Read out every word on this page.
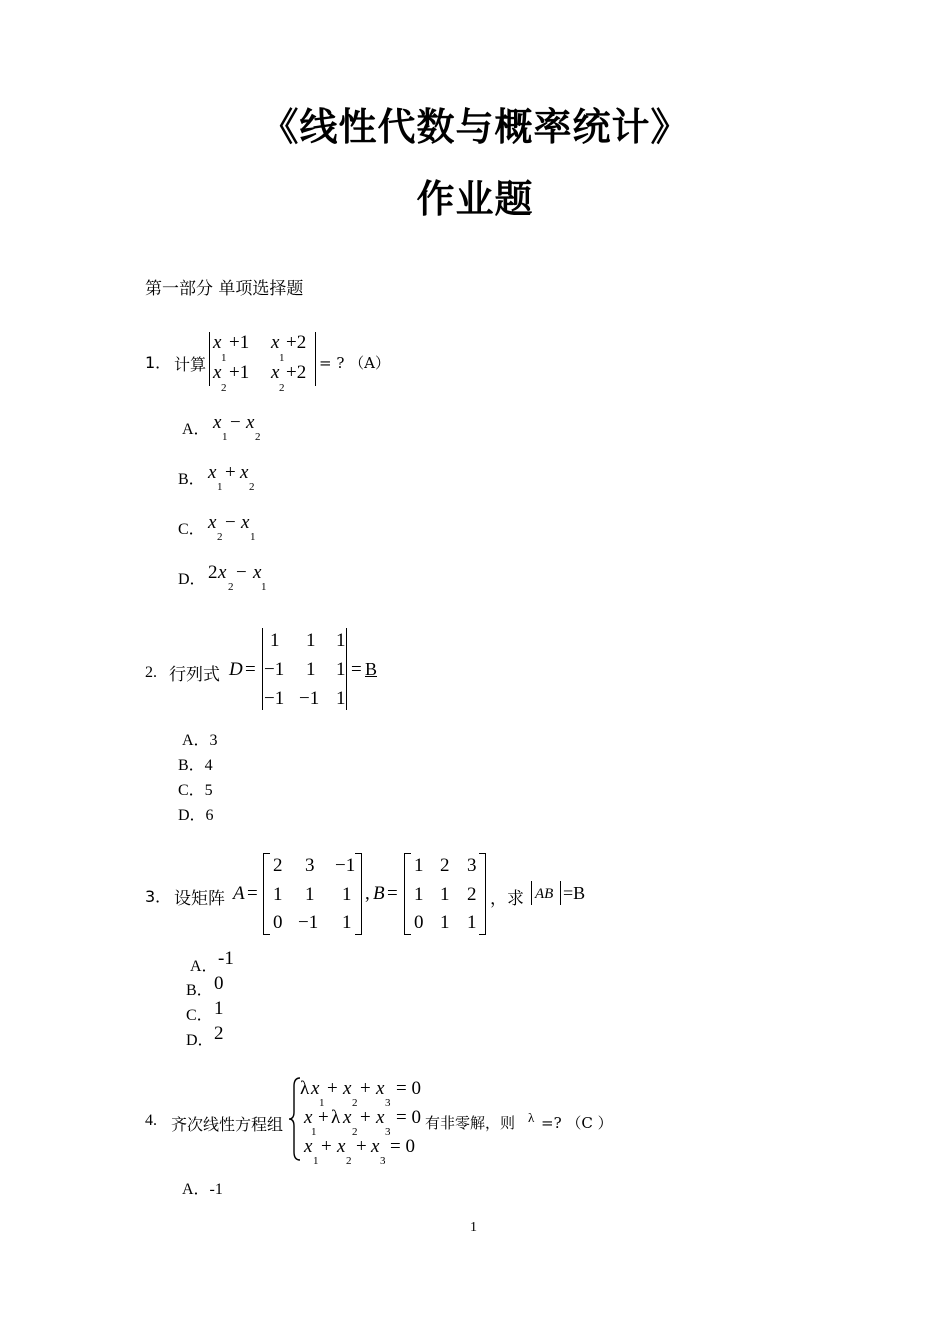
《线性代数与概率统计》
作业题
第一部分 单项选择题
1． 计算
x +1
1
x +2
1
x +1
2
x +2
2
= ? （A）
A． x
1
− x
2
B． x
1
+ x
2
C． x
2
− x
1
D． 2 x
2
− x
1
2. 行列式 D =
1 1 1
−1 1 1
−1 −1 1
= B
A．3
B．4
C．5
D．6
3． 设矩阵 A =
2 3 −1
1 1 1
0 −1 1
, B =
1 2 3
1 1 2
0 1 1
，求 AB =B
A． -1
B． 0
C． 1
D． 2
4. 齐次线性方程组
λ x
1
+ x
2
+ x
3
= 0
x
1
+ λ x
2
+ x
3
= 0
x
1
+ x
2
+ x
3
= 0
有非零解，则 λ =? （C ）
A．-1
1
